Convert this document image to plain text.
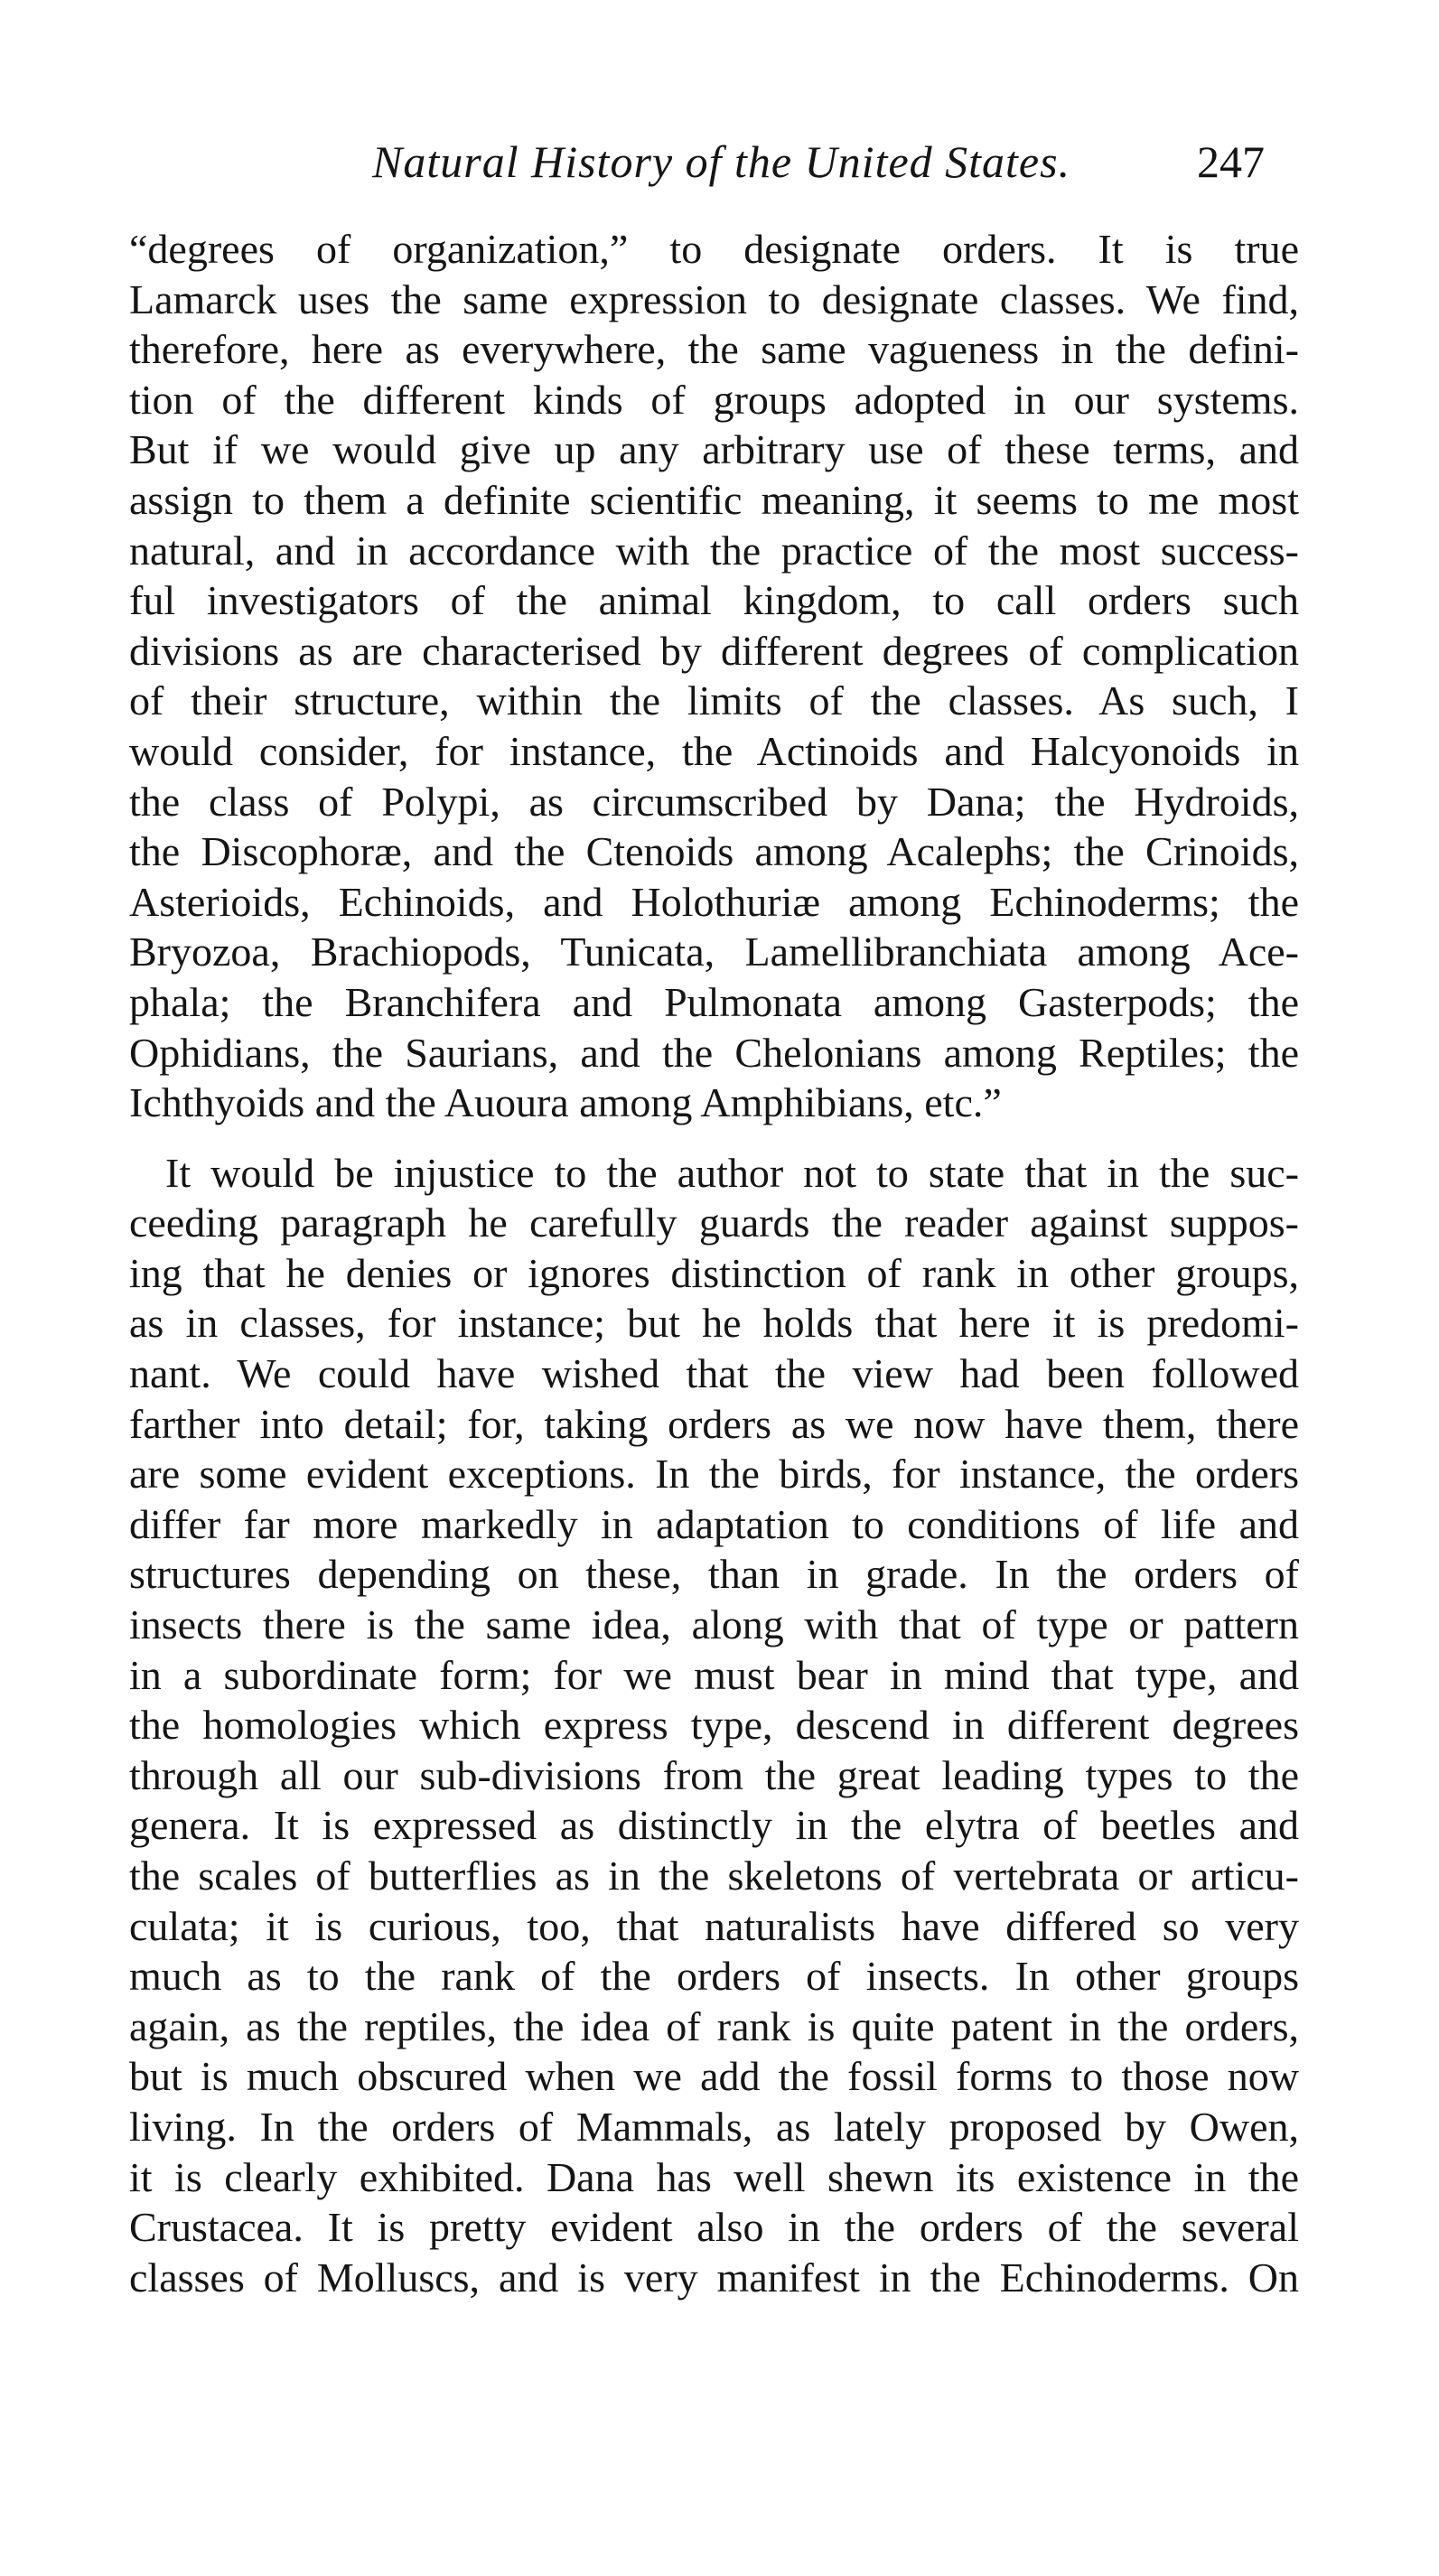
Natural History of the United States.	247
“degrees of organization,” to designate orders. It is true
Lamarck uses the same expression to designate classes. We find,
therefore, here as everywhere, the same vagueness in the defini-
tion of the different kinds of groups adopted in our systems.
But if we would give up any arbitrary use of these terms, and
assign to them a definite scientific meaning, it seems to me most
natural, and in accordance with the practice of the most success-
ful investigators of the animal kingdom, to call orders such
divisions as are characterised by different degrees of complication
of their structure, within the limits of the classes. As such, I
would consider, for instance, the Actinoids and Halcyonoids in
the class of Polypi, as circumscribed by Dana; the Hydroids,
the Discophoræ, and the Ctenoids among Acalephs; the Crinoids,
Asterioids, Echinoids, and Holothuriæ among Echinoderms; the
Bryozoa, Brachiopods, Tunicata, Lamellibranchiata among Ace-
phala; the Branchifera and Pulmonata among Gasterpods; the
Ophidians, the Saurians, and the Chelonians among Reptiles; the
Ichthyoids and the Auoura among Amphibians, etc.”
It would be injustice to the author not to state that in the suc-
ceeding paragraph he carefully guards the reader against suppos-
ing that he denies or ignores distinction of rank in other groups,
as in classes, for instance; but he holds that here it is predomi-
nant. We could have wished that the view had been followed
farther into detail; for, taking orders as we now have them, there
are some evident exceptions. In the birds, for instance, the orders
differ far more markedly in adaptation to conditions of life and
structures depending on these, than in grade. In the orders of
insects there is the same idea, along with that of type or pattern
in a subordinate form; for we must bear in mind that type, and
the homologies which express type, descend in different degrees
through all our sub-divisions from the great leading types to the
genera. It is expressed as distinctly in the elytra of beetles and
the scales of butterflies as in the skeletons of vertebrata or articu-
culata; it is curious, too, that naturalists have differed so very
much as to the rank of the orders of insects. In other groups
again, as the reptiles, the idea of rank is quite patent in the orders,
but is much obscured when we add the fossil forms to those now
living. In the orders of Mammals, as lately proposed by Owen,
it is clearly exhibited. Dana has well shewn its existence in the
Crustacea. It is pretty evident also in the orders of the several
classes of Molluscs, and is very manifest in the Echinoderms. On
